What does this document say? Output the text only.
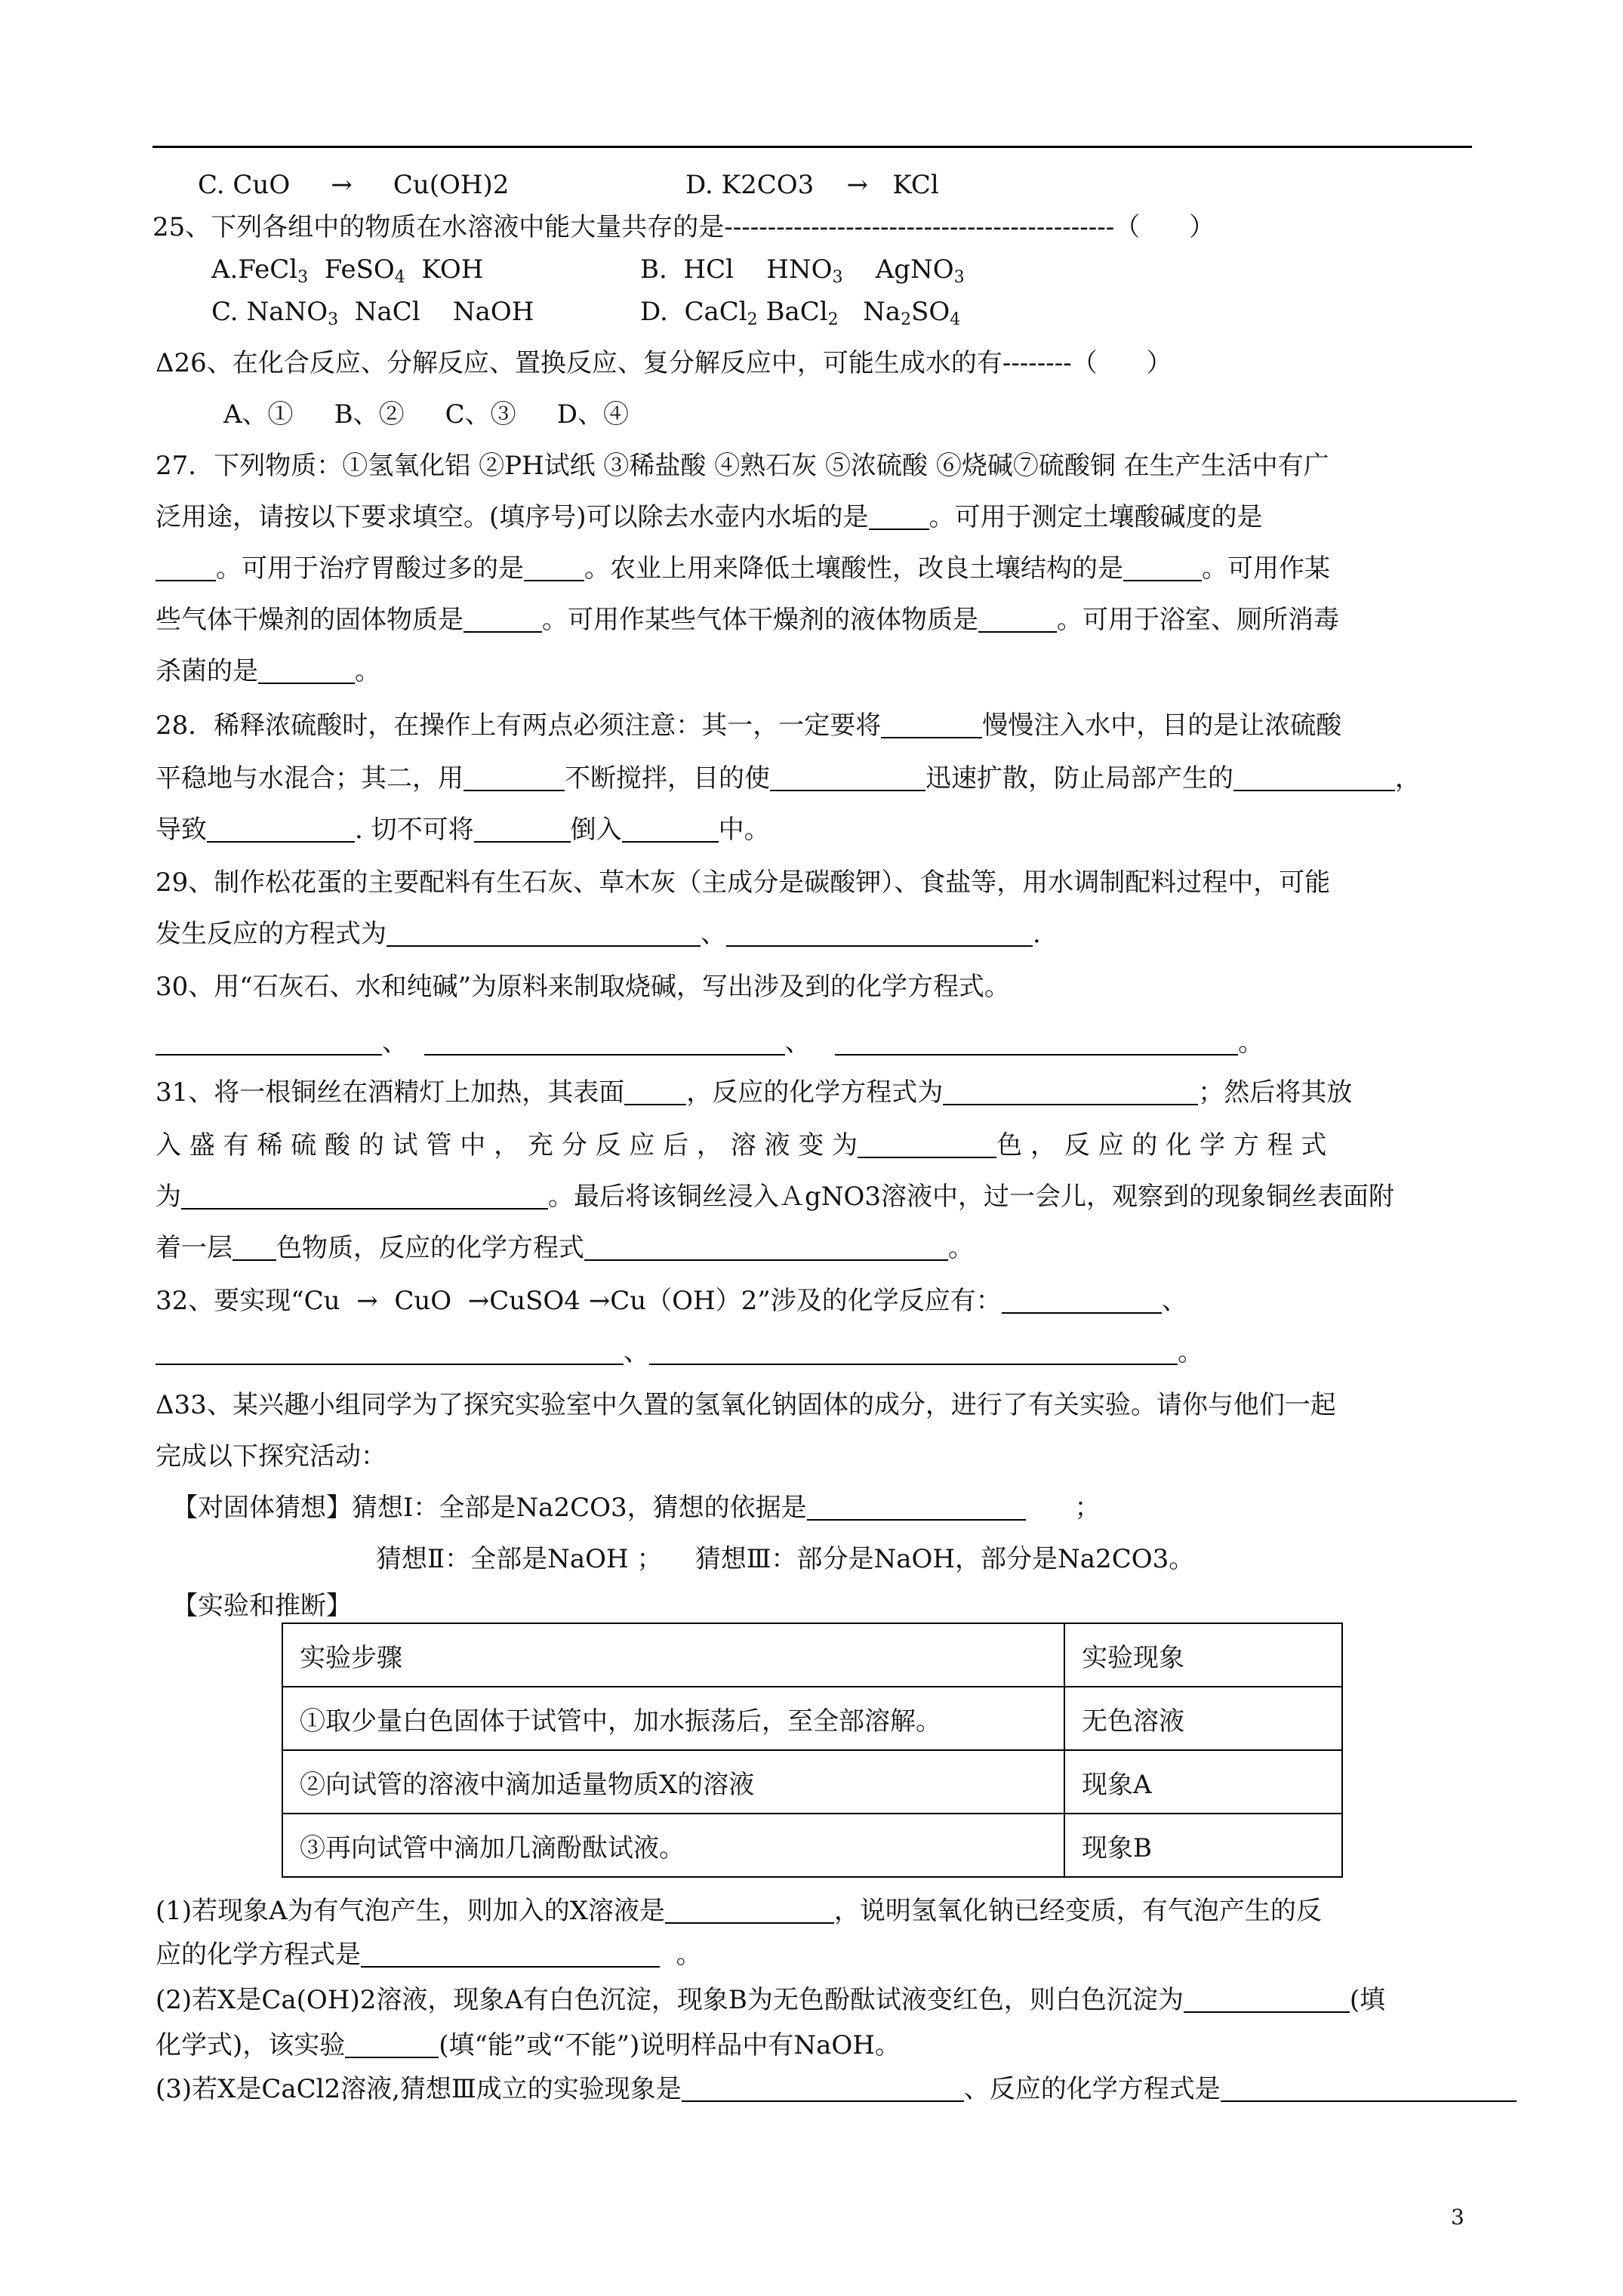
C. CuO → Cu(OH)2	D. K2CO3 → KCl
25、下列各组中的物质在水溶液中能大量共存的是---------------------------------------------（      ）
A.FeCl$_3$ FeSO$_4$ KOH	B. HCl $HNO_3$ AgNO$_3$
C. NaNO$_3$ NaCl NaOH	D. CaCl$_2$ BaCl$_2$ $Na_2SO_4$
Δ26、在化合反应、分解反应、置换反应、复分解反应中，可能生成水的有--------（      ）
A、① B、② C、③ D、④
27．下列物质：①氢氧化铝 ②PH试纸 ③稀盐酸 ④熟石灰 ⑤浓硫酸 ⑥烧碱⑦硫酸铜 在生产生活中有广
泛用途，请按以下要求填空。(填序号)可以除去水壶内水垢的是 。可用于测定土壤酸碱度的是
。可用于治疗胃酸过多的是 。农业上用来降低土壤酸性，改良土壤结构的是	。可用作某
些气体干燥剂的固体物质是	。可用作某些气体干燥剂的液体物质是	。可用于浴室、厕所消毒
杀菌的是	。
28．稀释浓硫酸时，在操作上有两点必须注意：其一，一定要将	慢慢注入水中，目的是让浓硫酸
平稳地与水混合；其二，用	不断搅拌，目的使	迅速扩散，防止局部产生的	，
导致	. 切不可将	倒入	中。
29、制作松花蛋的主要配料有生石灰、草木灰（主成分是碳酸钾）、食盐等，用水调制配料过程中，可能
发生反应的方程式为	、	.
30、用“石灰石、水和纯碱”为原料来制取烧碱，写出涉及到的化学方程式。
、	、	。
31、将一根铜丝在酒精灯上加热，其表面 ，反应的化学方程式为	；然后将其放
入 盛 有 稀 硫 酸 的 试 管 中 ， 充 分 反 应 后 ， 溶 液 变 为	色 ， 反 应 的 化 学 方 程 式
为	。最后将该铜丝浸入ＡgNO3溶液中，过一会儿，观察到的现象铜丝表面附
着一层 色物质，反应的化学方程式	。
32、要实现“Cu → CuO →CuSO4 →Cu（OH）2”涉及的化学反应有：	、
、	。
Δ33、某兴趣小组同学为了探究实验室中久置的氢氧化钠固体的成分，进行了有关实验。请你与他们一起
完成以下探究活动：
【对固体猜想】猜想Ⅰ：全部是Na2CO3，猜想的依据是	；
猜想Ⅱ：全部是NaOH ； 猜想Ⅲ：部分是NaOH，部分是Na2CO3。
【实验和推断】
实验步骤	实验现象
①取少量白色固体于试管中，加水振荡后，至全部溶解。	无色溶液
②向试管的溶液中滴加适量物质X的溶液	现象A
③再向试管中滴加几滴酚酞试液。	现象B
(1)若现象A为有气泡产生，则加入的X溶液是	，说明氢氧化钠已经变质，有气泡产生的反
应的化学方程式是	。
(2)若X是Ca(OH)2溶液，现象A有白色沉淀，现象B为无色酚酞试液变红色，则白色沉淀为	(填
化学式)，该实验	(填“能”或“不能”)说明样品中有NaOH。
(3)若X是CaCl2溶液,猜想Ⅲ成立的实验现象是	、反应的化学方程式是
3
